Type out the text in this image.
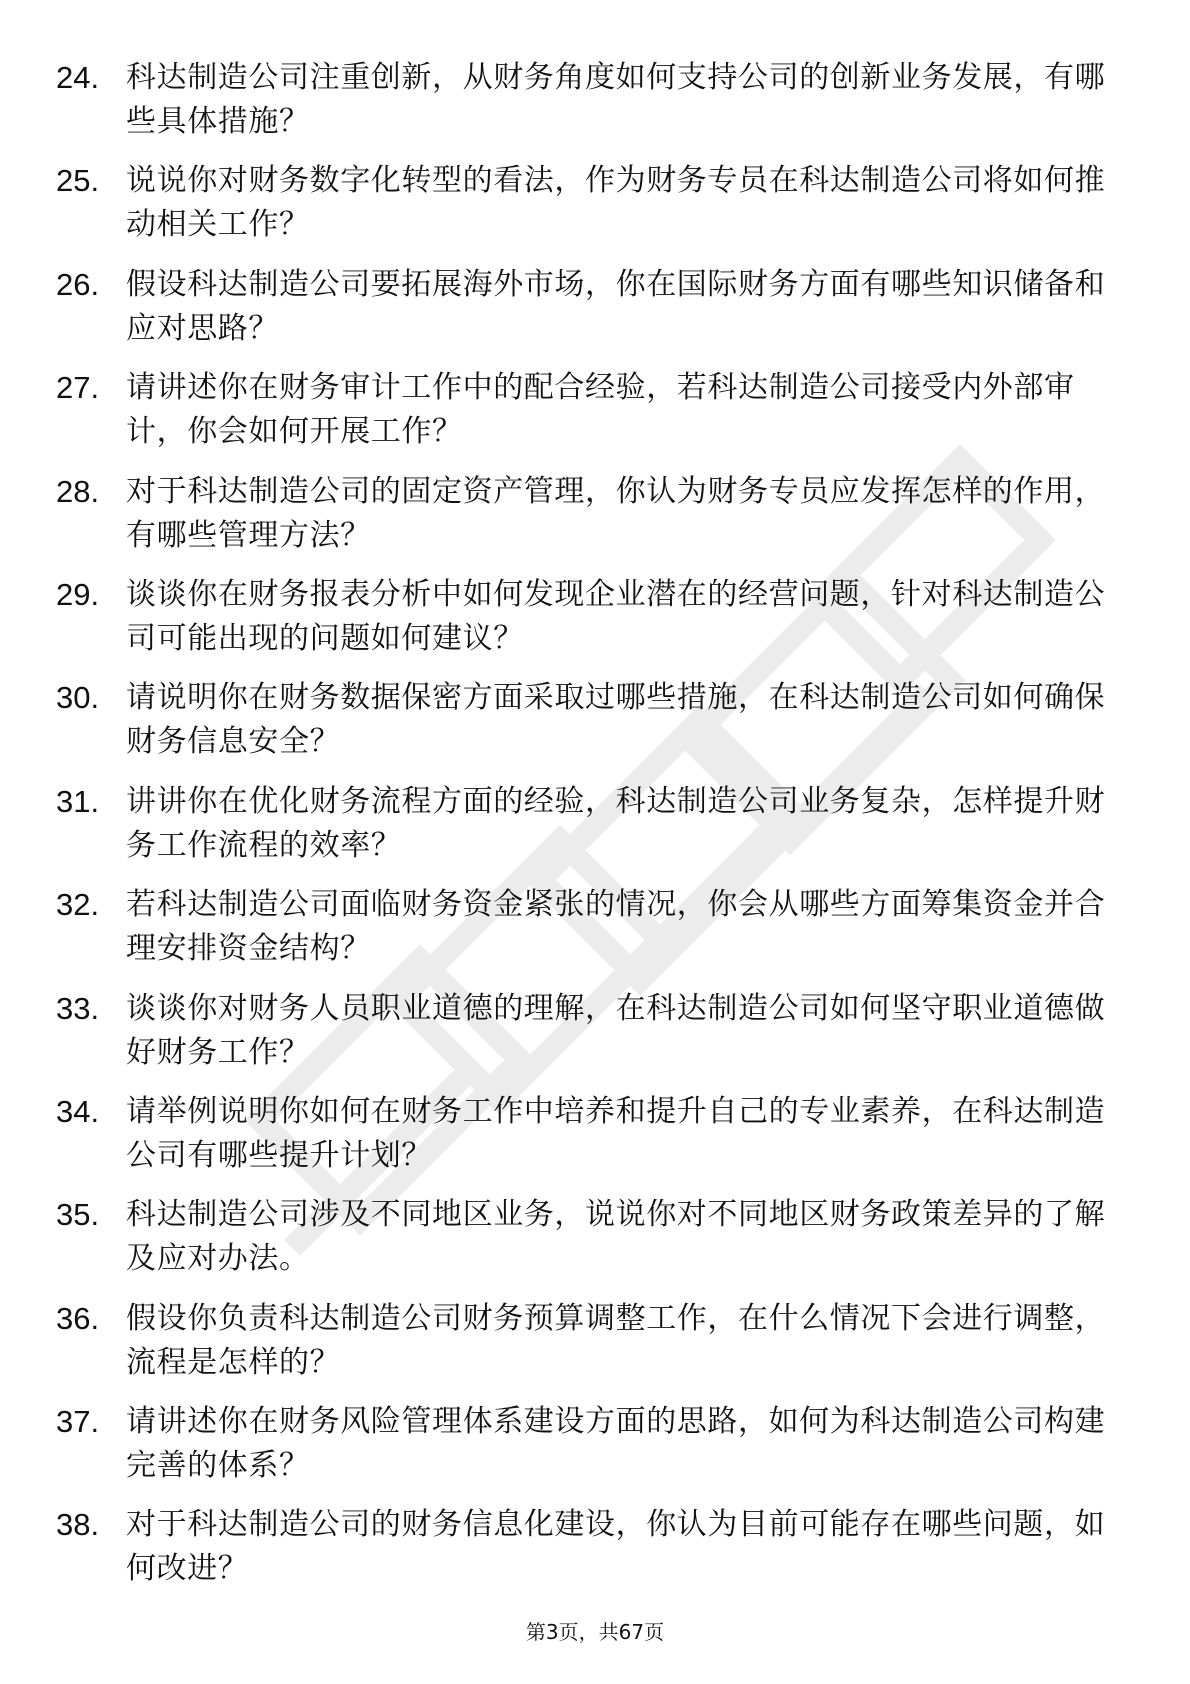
24. 科达制造公司注重创新，从财务角度如何支持公司的创新业务发展，有哪些具体措施？
25. 说说你对财务数字化转型的看法，作为财务专员在科达制造公司将如何推动相关工作？
26. 假设科达制造公司要拓展海外市场，你在国际财务方面有哪些知识储备和应对思路？
27. 请讲述你在财务审计工作中的配合经验，若科达制造公司接受内外部审计，你会如何开展工作？
28. 对于科达制造公司的固定资产管理，你认为财务专员应发挥怎样的作用，有哪些管理方法？
29. 谈谈你在财务报表分析中如何发现企业潜在的经营问题，针对科达制造公司可能出现的问题如何建议？
30. 请说明你在财务数据保密方面采取过哪些措施，在科达制造公司如何确保财务信息安全？
31. 讲讲你在优化财务流程方面的经验，科达制造公司业务复杂，怎样提升财务工作流程的效率？
32. 若科达制造公司面临财务资金紧张的情况，你会从哪些方面筹集资金并合理安排资金结构？
33. 谈谈你对财务人员职业道德的理解，在科达制造公司如何坚守职业道德做好财务工作？
34. 请举例说明你如何在财务工作中培养和提升自己的专业素养，在科达制造公司有哪些提升计划？
35. 科达制造公司涉及不同地区业务，说说你对不同地区财务政策差异的了解及应对办法。
36. 假设你负责科达制造公司财务预算调整工作，在什么情况下会进行调整，流程是怎样的？
37. 请讲述你在财务风险管理体系建设方面的思路，如何为科达制造公司构建完善的体系？
38. 对于科达制造公司的财务信息化建设，你认为目前可能存在哪些问题，如何改进？
第3页，共67页
